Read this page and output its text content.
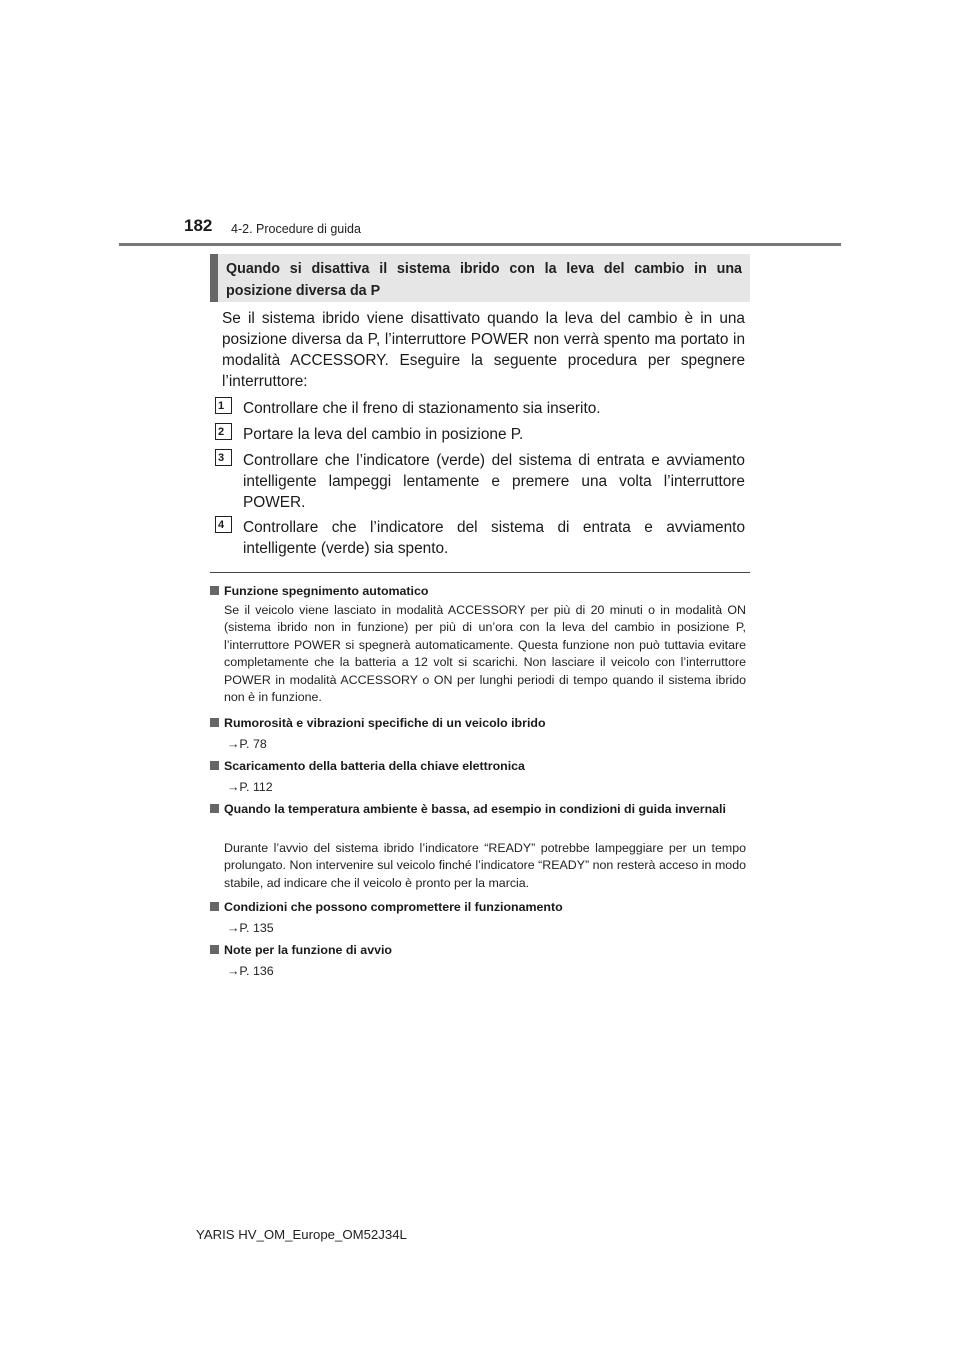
182 4-2. Procedure di guida
Quando si disattiva il sistema ibrido con la leva del cambio in una posizione diversa da P
Se il sistema ibrido viene disattivato quando la leva del cambio è in una posizione diversa da P, l’interruttore POWER non verrà spento ma portato in modalità ACCESSORY. Eseguire la seguente procedura per spegnere l’interruttore:
1	Controllare che il freno di stazionamento sia inserito.
2	Portare la leva del cambio in posizione P.
3	Controllare che l’indicatore (verde) del sistema di entrata e avviamento intelligente lampeggi lentamente e premere una volta l’interruttore POWER.
4	Controllare che l’indicatore del sistema di entrata e avviamento intelligente (verde) sia spento.
Funzione spegnimento automatico
Se il veicolo viene lasciato in modalità ACCESSORY per più di 20 minuti o in modalità ON (sistema ibrido non in funzione) per più di un’ora con la leva del cambio in posizione P, l’interruttore POWER si spegnerà automaticamente. Questa funzione non può tuttavia evitare completamente che la batteria a 12 volt si scarichi. Non lasciare il veicolo con l’interruttore POWER in modalità ACCESSORY o ON per lunghi periodi di tempo quando il sistema ibrido non è in funzione.
Rumorosità e vibrazioni specifiche di un veicolo ibrido
→P. 78
Scaricamento della batteria della chiave elettronica
→P. 112
Quando la temperatura ambiente è bassa, ad esempio in condizioni di guida invernali
Durante l’avvio del sistema ibrido l’indicatore “READY” potrebbe lampeggiare per un tempo prolungato. Non intervenire sul veicolo finché l’indicatore “READY” non resterà acceso in modo stabile, ad indicare che il veicolo è pronto per la marcia.
Condizioni che possono compromettere il funzionamento
→P. 135
Note per la funzione di avvio
→P. 136
YARIS HV_OM_Europe_OM52J34L
